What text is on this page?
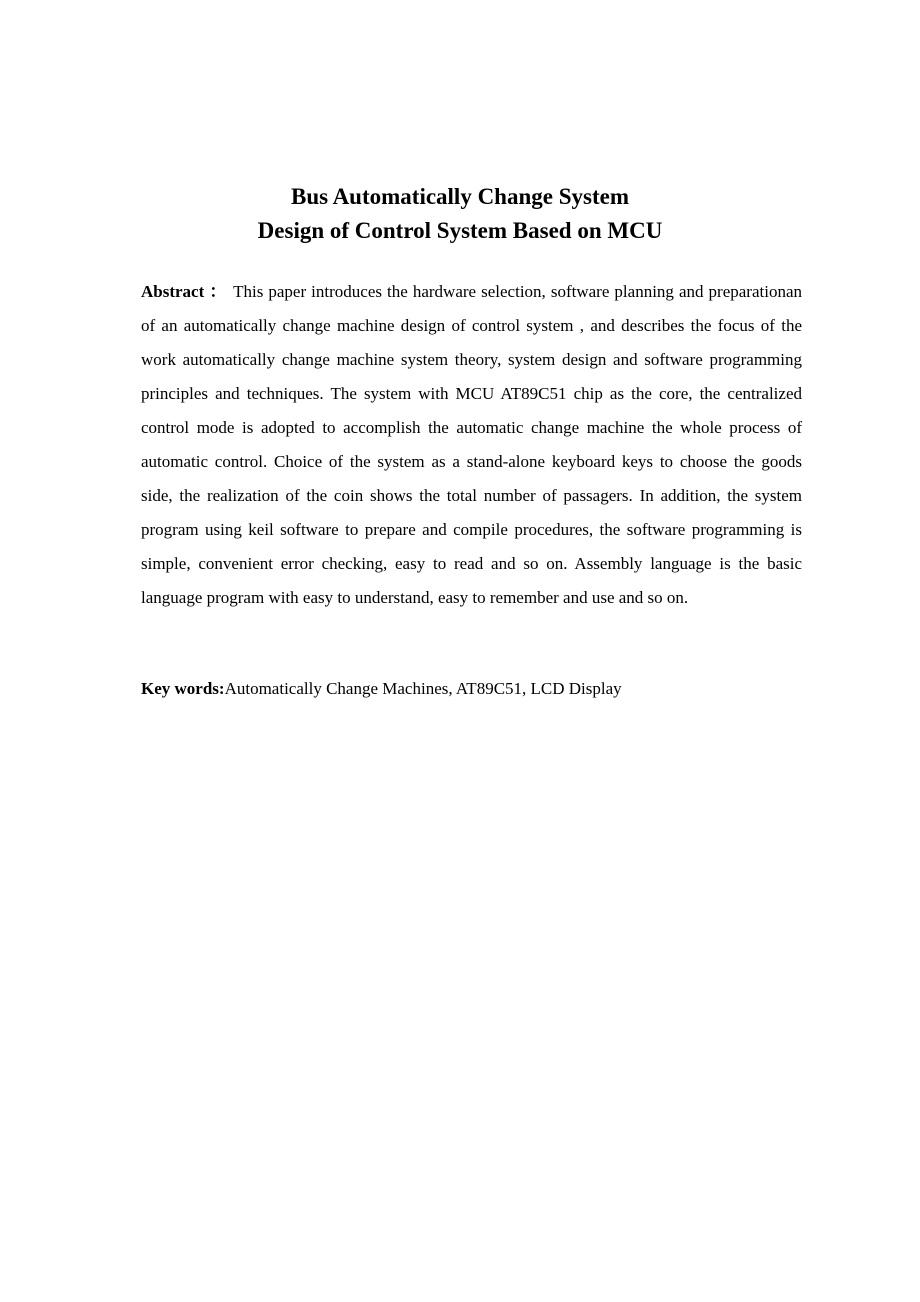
Bus Automatically Change System
Design of Control System Based on MCU

Abstract ： This paper introduces the hardware selection, software planning and preparationan of an automatically change machine design of control system , and describes the focus of the work automatically change machine system theory, system design and software programming principles and techniques. The system with MCU AT89C51 chip as the core, the centralized control mode is adopted to accomplish the automatic change machine the whole process of automatic control. Choice of the system as a stand-alone keyboard keys to choose the goods side, the realization of the coin shows the total number of passagers. In addition, the system program using keil software to prepare and compile procedures, the software programming is simple, convenient error checking, easy to read and so on. Assembly language is the basic language program with easy to understand, easy to remember and use and so on.

Key words:Automatically Change Machines, AT89C51, LCD Display
